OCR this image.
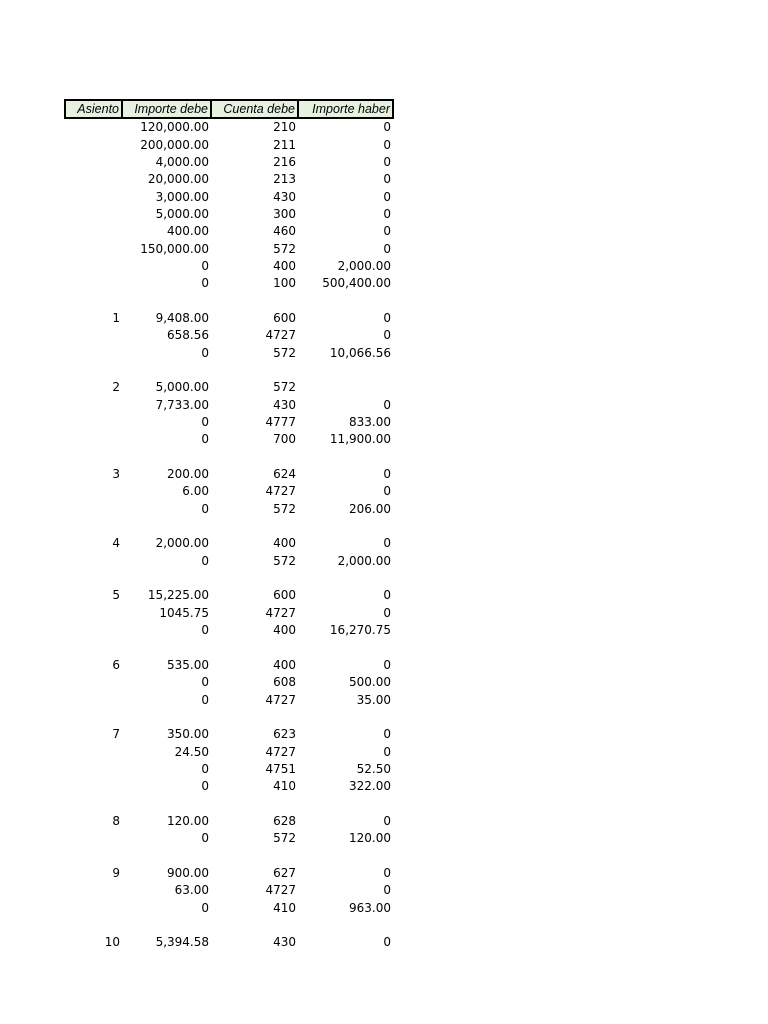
Asiento	Importe debe	Cuenta debe	Importe haber
	120,000.00	210	0
	200,000.00	211	0
	4,000.00	216	0
	20,000.00	213	0
	3,000.00	430	0
	5,000.00	300	0
	400.00	460	0
	150,000.00	572	0
	0	400	2,000.00
	0	100	500,400.00

1	9,408.00	600	0
	658.56	4727	0
	0	572	10,066.56

2	5,000.00	572	
	7,733.00	430	0
	0	4777	833.00
	0	700	11,900.00

3	200.00	624	0
	6.00	4727	0
	0	572	206.00

4	2,000.00	400	0
	0	572	2,000.00

5	15,225.00	600	0
	1045.75	4727	0
	0	400	16,270.75

6	535.00	400	0
	0	608	500.00
	0	4727	35.00

7	350.00	623	0
	24.50	4727	0
	0	4751	52.50
	0	410	322.00

8	120.00	628	0
	0	572	120.00

9	900.00	627	0
	63.00	4727	0
	0	410	963.00

10	5,394.58	430	0
